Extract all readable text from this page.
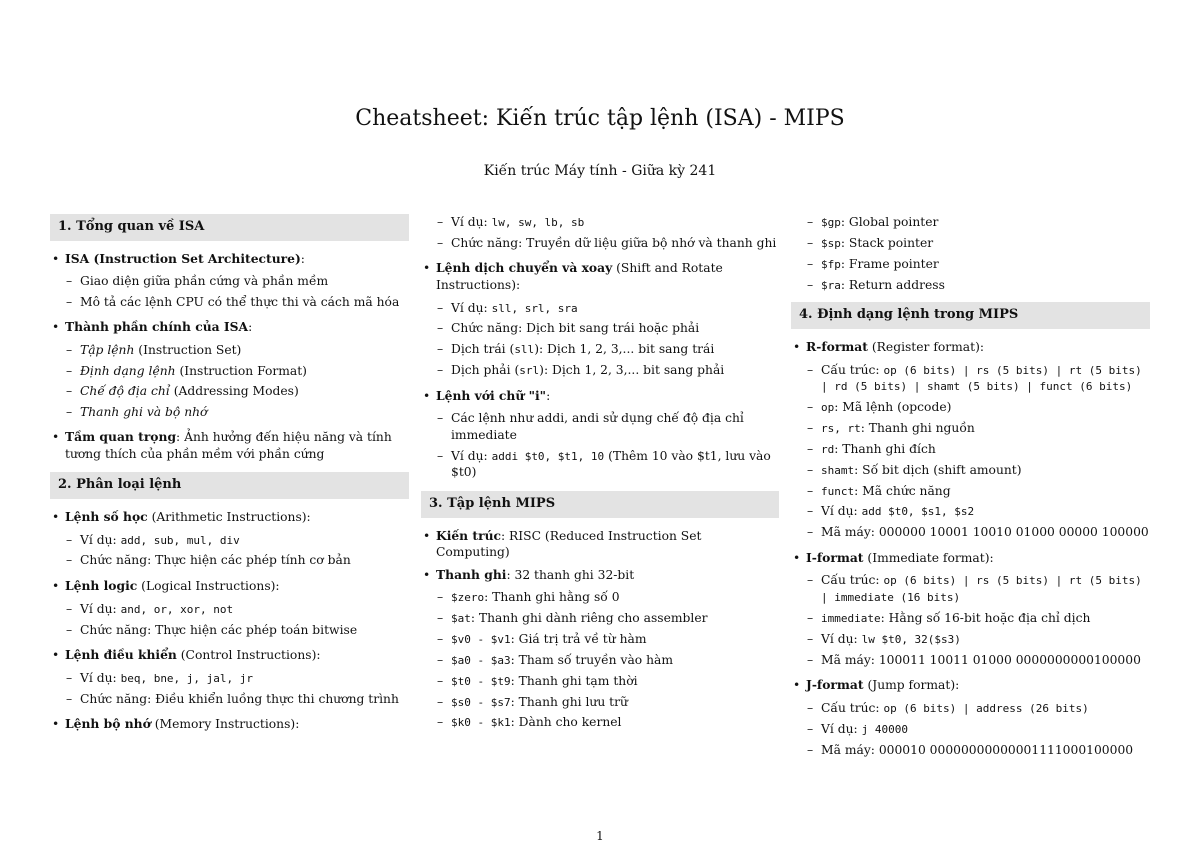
Cheatsheet: Kiến trúc tập lệnh (ISA) - MIPS
Kiến trúc Máy tính - Giữa kỳ 241
1. Tổng quan về ISA
• ISA (Instruction Set Architecture):
– Giao diện giữa phần cứng và phần mềm
– Mô tả các lệnh CPU có thể thực thi và cách mã hóa
• Thành phần chính của ISA:
– Tập lệnh (Instruction Set)
– Định dạng lệnh (Instruction Format)
– Chế độ địa chỉ (Addressing Modes)
– Thanh ghi và bộ nhớ
• Tầm quan trọng: Ảnh hưởng đến hiệu năng và tính tương thích của phần mềm với phần cứng
2. Phân loại lệnh
• Lệnh số học (Arithmetic Instructions):
– Ví dụ: add, sub, mul, div
– Chức năng: Thực hiện các phép tính cơ bản
• Lệnh logic (Logical Instructions):
– Ví dụ: and, or, xor, not
– Chức năng: Thực hiện các phép toán bitwise
• Lệnh điều khiển (Control Instructions):
– Ví dụ: beq, bne, j, jal, jr
– Chức năng: Điều khiển luồng thực thi chương trình
• Lệnh bộ nhớ (Memory Instructions):
– Ví dụ: lw, sw, lb, sb
– Chức năng: Truyền dữ liệu giữa bộ nhớ và thanh ghi
• Lệnh dịch chuyển và xoay (Shift and Rotate Instructions):
– Ví dụ: sll, srl, sra
– Chức năng: Dịch bit sang trái hoặc phải
– Dịch trái (sll): Dịch 1, 2, 3,... bit sang trái
– Dịch phải (srl): Dịch 1, 2, 3,... bit sang phải
• Lệnh với chữ "i":
– Các lệnh như addi, andi sử dụng chế độ địa chỉ immediate
– Ví dụ: addi $t0, $t1, 10 (Thêm 10 vào $t1, lưu vào $t0)
3. Tập lệnh MIPS
• Kiến trúc: RISC (Reduced Instruction Set Computing)
• Thanh ghi: 32 thanh ghi 32-bit
– $zero: Thanh ghi hằng số 0
– $at: Thanh ghi dành riêng cho assembler
– $v0 - $v1: Giá trị trả về từ hàm
– $a0 - $a3: Tham số truyền vào hàm
– $t0 - $t9: Thanh ghi tạm thời
– $s0 - $s7: Thanh ghi lưu trữ
– $k0 - $k1: Dành cho kernel
– $gp: Global pointer
– $sp: Stack pointer
– $fp: Frame pointer
– $ra: Return address
4. Định dạng lệnh trong MIPS
• R-format (Register format):
– Cấu trúc: op (6 bits) | rs (5 bits) | rt (5 bits) | rd (5 bits) | shamt (5 bits) | funct (6 bits)
– op: Mã lệnh (opcode)
– rs, rt: Thanh ghi nguồn
– rd: Thanh ghi đích
– shamt: Số bit dịch (shift amount)
– funct: Mã chức năng
– Ví dụ: add $t0, $s1, $s2
– Mã máy: 000000 10001 10010 01000 00000 100000
• I-format (Immediate format):
– Cấu trúc: op (6 bits) | rs (5 bits) | rt (5 bits) | immediate (16 bits)
– immediate: Hằng số 16-bit hoặc địa chỉ dịch
– Ví dụ: lw $t0, 32($s3)
– Mã máy: 100011 10011 01000 0000000000100000
• J-format (Jump format):
– Cấu trúc: op (6 bits) | address (26 bits)
– Ví dụ: j 40000
– Mã máy: 000010 00000000000001111000100000
1
